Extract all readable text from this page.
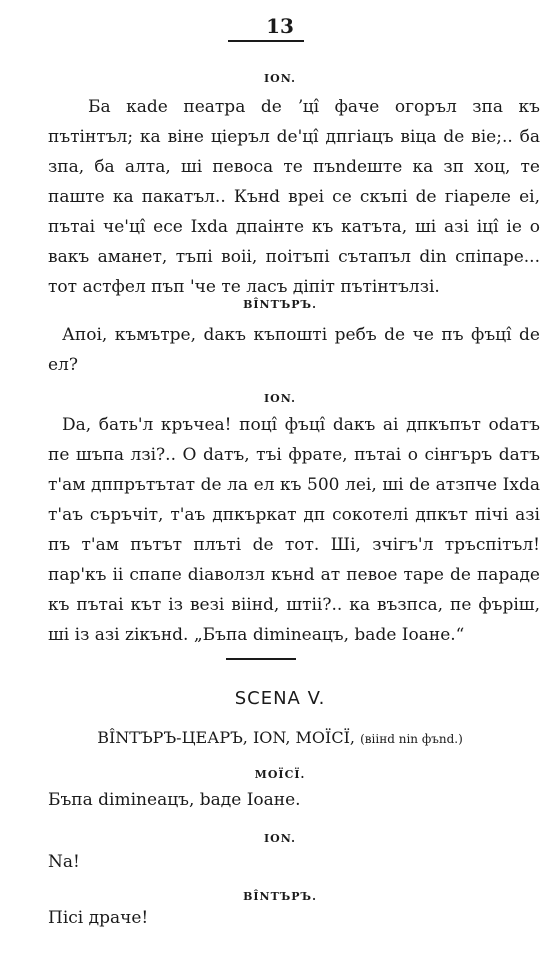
13
ION.

Ба каde пеатра de ʼцî фаче огоръл зпа къ пътінтъл; ка віне ціеръл de'цî дпгіацъ віца de віе;.. ба зпа, ба алта, ші певоса те пъndеште ка зп хоц, те паште ка пакатъл.. Кънd вреі се скъпі de гіареле еі, пътаі че'цî есе Іхdа дпаінте къ катъта, ші азі іцî іе о вакъ аманет, тъпі воіі, поітъпі сътапъл din спіпаре... тот астфел пъп 'че те ласъ діпіт пътінтълзі.

BÎNTЪРЪ.

Апоі, къмътре, dакъ къпошті ребъ de че пъ фъцî de ел?

ION.

Dа, бать'л кръчеа! поцî фъцî dакъ аі дпкъпът оdатъ пе шъпа лзі?.. О dатъ, тъі фрате, пътаі о сінгъръ dатъ т'ам дппрътътат de ла ел къ 500 леі, ші de атзпче Іхdа т'аъ съръчіт, т'аъ дпкъркат дп сокотелі дпкът пічі азі пъ т'ам пътът плъті de тот. Ші, зчігъ'л тръспітъл! пар'къ іі спапе diаволзл кънd ат певое таре de параде къ пътаі кът із везі віінd, штіі?.. ка възпса, пе фъріш, ші із азі zікънd. „Бъпа dimineацъ, bade Іоане.“

SCENA V.
BÎNTЪРЪ-ЦЕАРЪ, ION, MOÏCÏ, (віінd nin фъnd.)
MOÏCÏ.
Бъпа dimineацъ, baде Іоане.
ION.
Nа!
BÎNTЪРЪ.
Пісі драче!
